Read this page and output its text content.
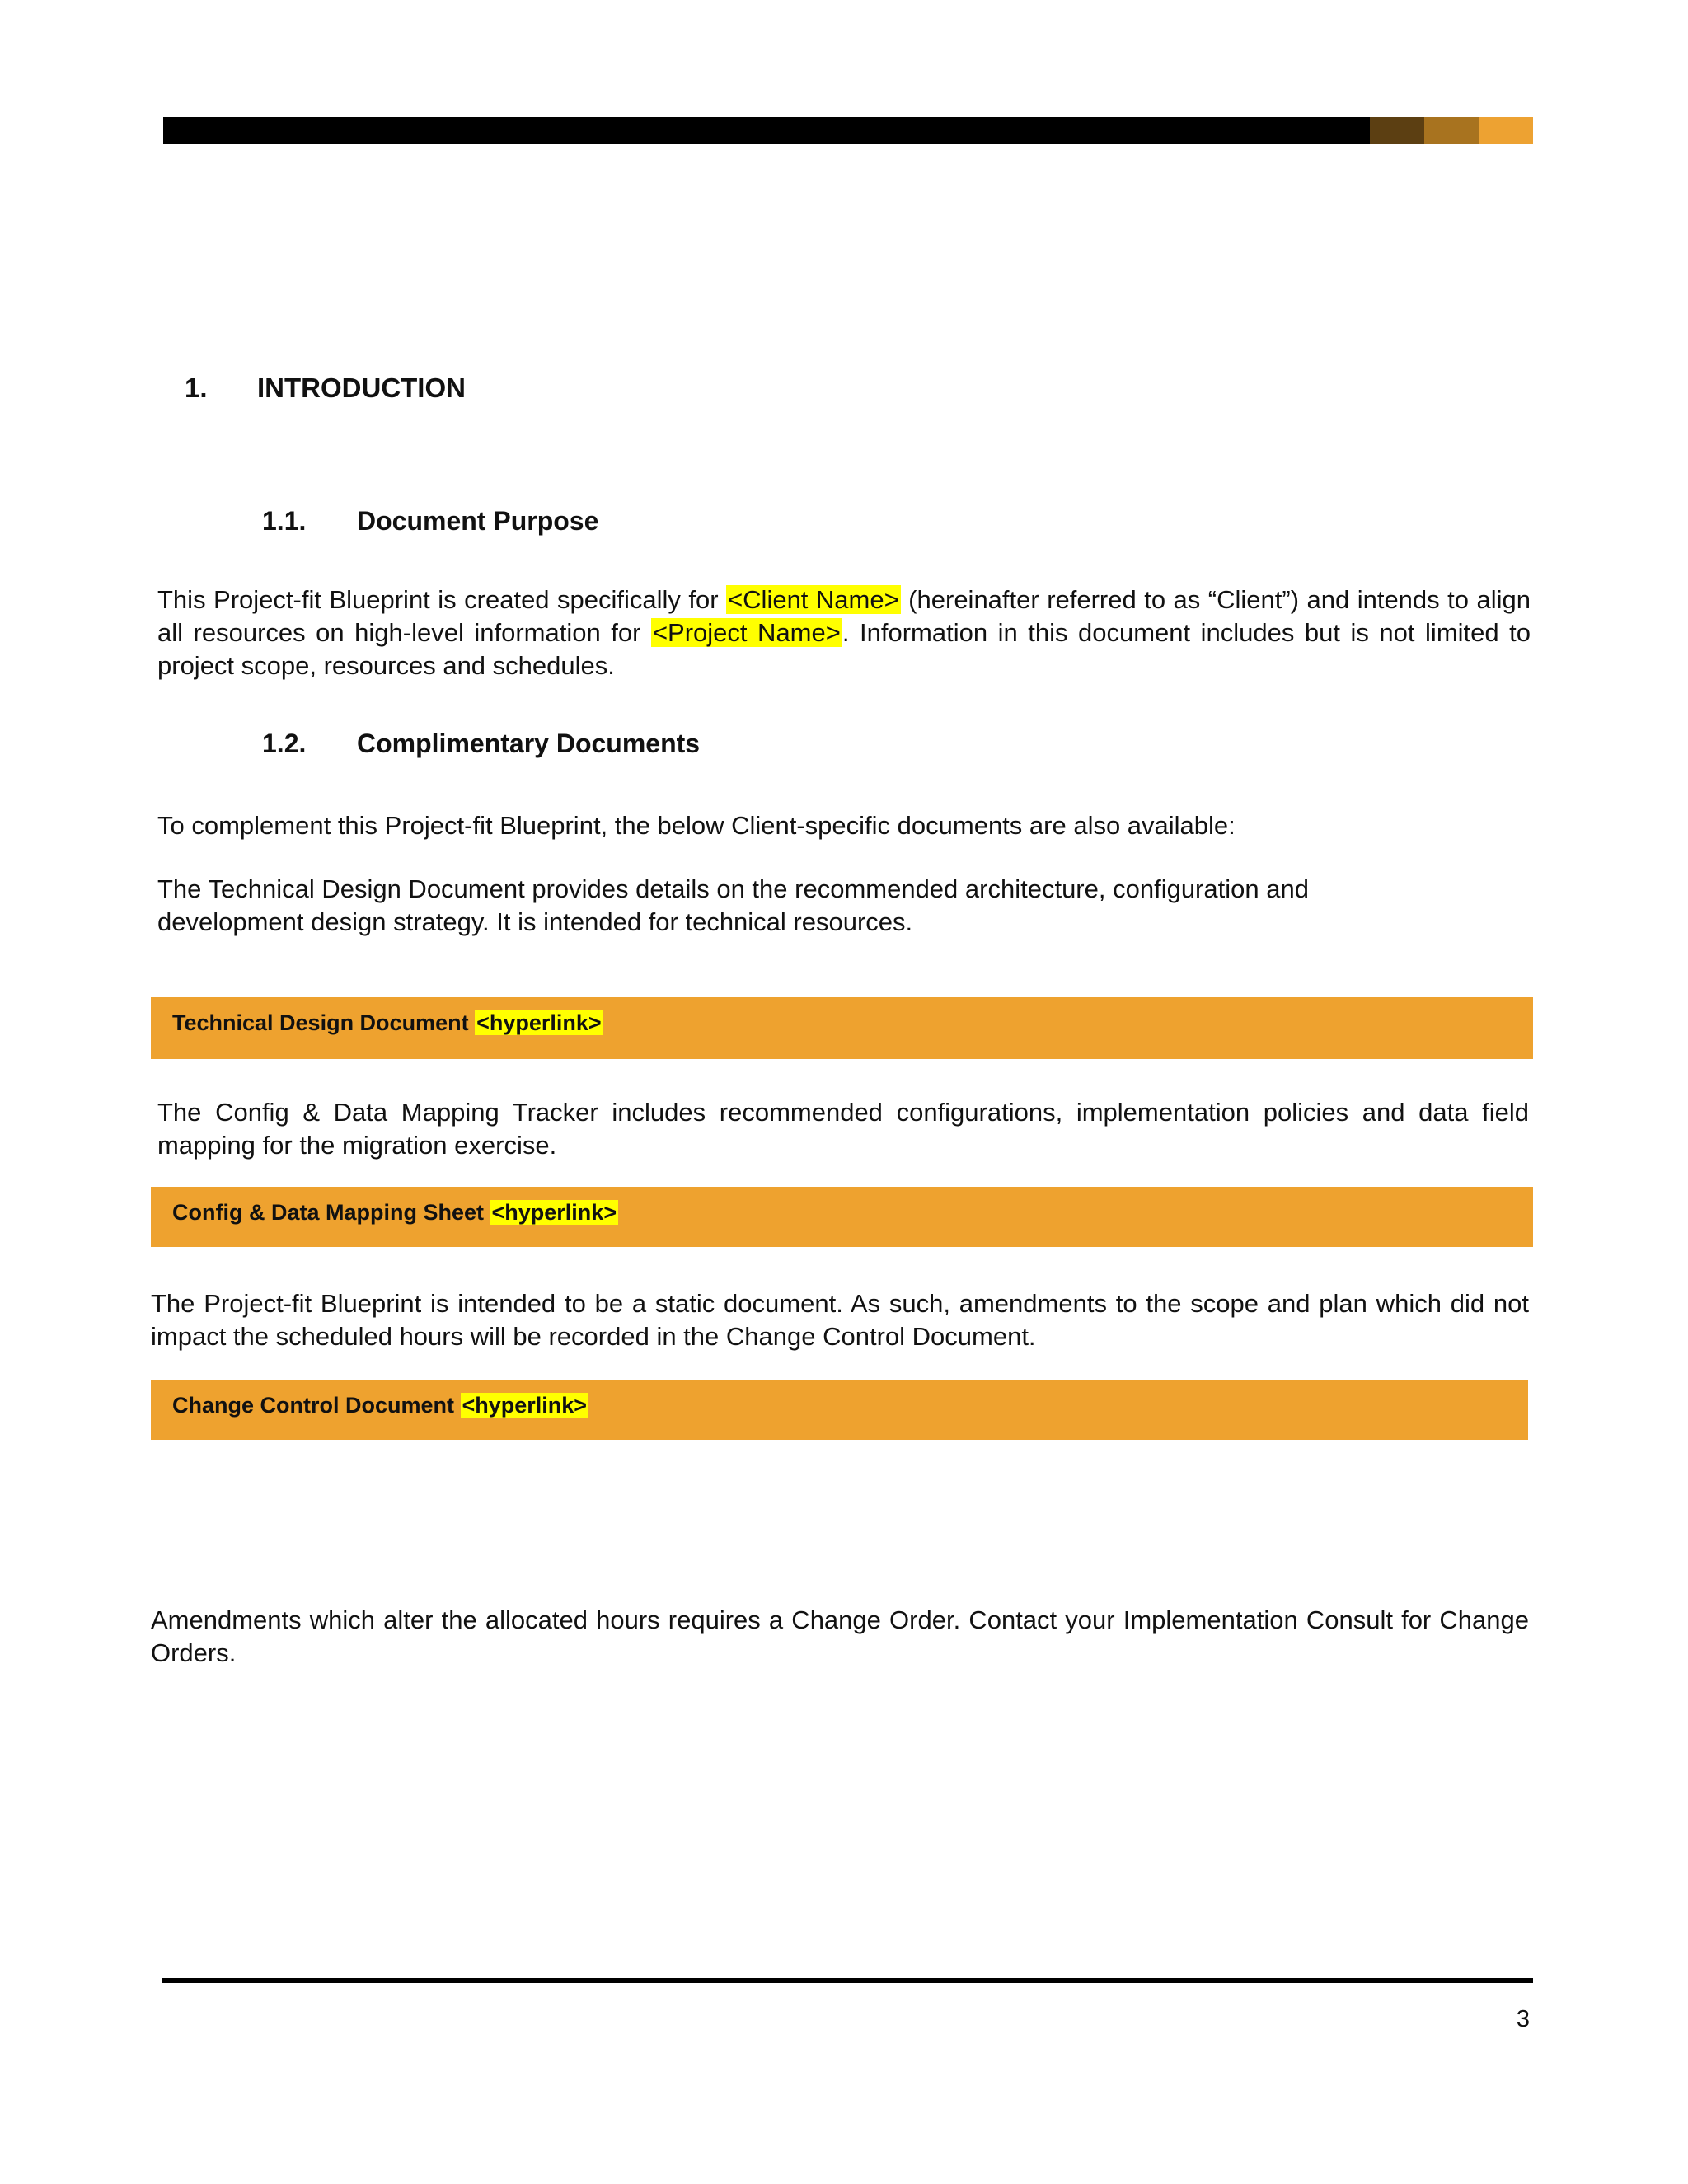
1.	INTRODUCTION
1.1.	Document Purpose
This Project-fit Blueprint is created specifically for <Client Name> (hereinafter referred to as “Client”) and intends to align all resources on high-level information for <Project Name>. Information in this document includes but is not limited to project scope, resources and schedules.
1.2.	Complimentary Documents
To complement this Project-fit Blueprint, the below Client-specific documents are also available:
The Technical Design Document provides details on the recommended architecture, configuration and development design strategy. It is intended for technical resources.
Technical Design Document <hyperlink>
The Config & Data Mapping Tracker includes recommended configurations, implementation policies and data field mapping for the migration exercise.
Config & Data Mapping Sheet <hyperlink>
The Project-fit Blueprint is intended to be a static document. As such, amendments to the scope and plan which did not impact the scheduled hours will be recorded in the Change Control Document.
Change Control Document <hyperlink>
Amendments which alter the allocated hours requires a Change Order. Contact your Implementation Consult for Change Orders.
3
